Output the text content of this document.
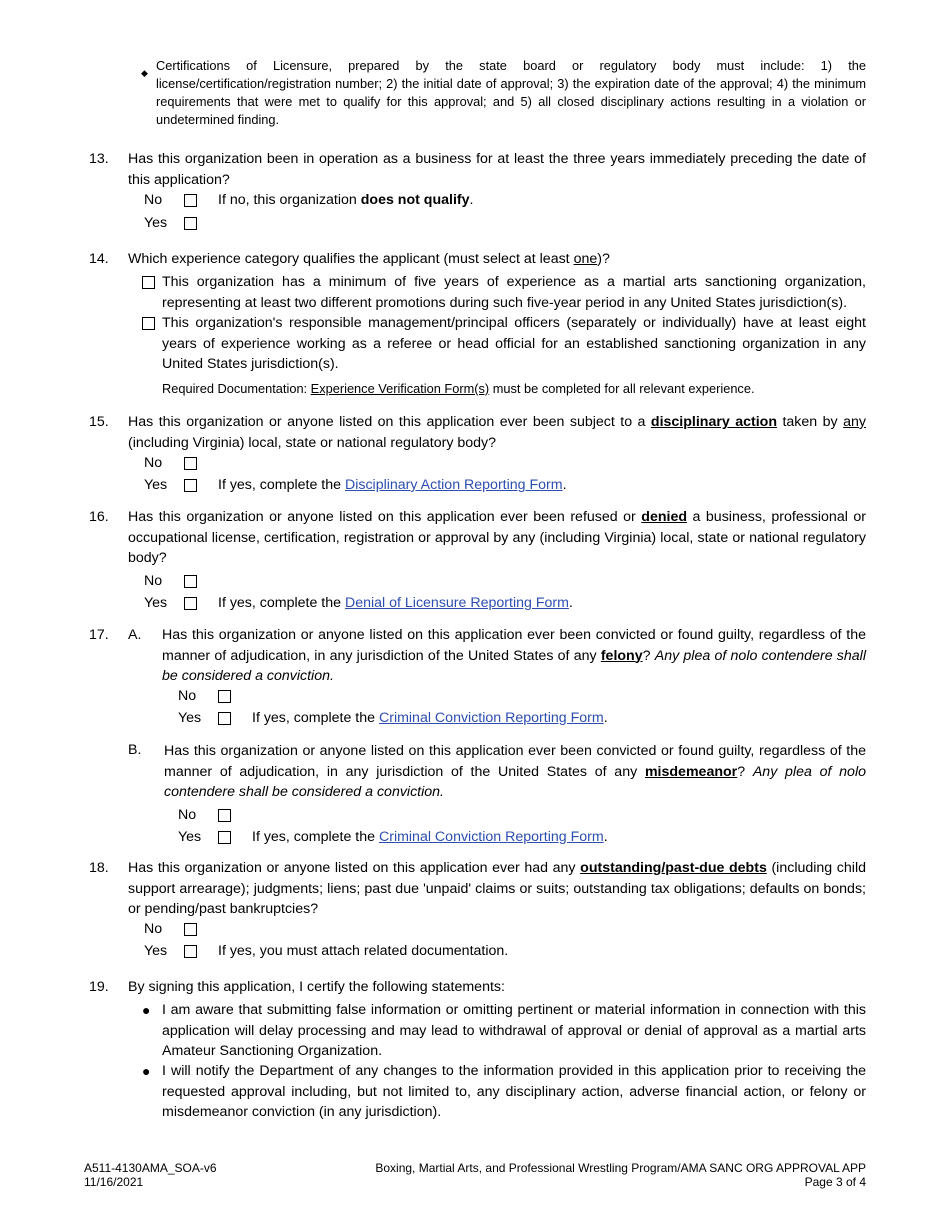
◆ Certifications of Licensure, prepared by the state board or regulatory body must include: 1) the license/certification/registration number; 2) the initial date of approval; 3) the expiration date of the approval; 4) the minimum requirements that were met to qualify for this approval; and 5) all closed disciplinary actions resulting in a violation or undetermined finding.
13. Has this organization been in operation as a business for at least the three years immediately preceding the date of this application?
No	If no, this organization does not qualify.
Yes
14. Which experience category qualifies the applicant (must select at least one)?
This organization has a minimum of five years of experience as a martial arts sanctioning organization, representing at least two different promotions during such five-year period in any United States jurisdiction(s).
This organization's responsible management/principal officers (separately or individually) have at least eight years of experience working as a referee or head official for an established sanctioning organization in any United States jurisdiction(s).
Required Documentation: Experience Verification Form(s) must be completed for all relevant experience.
15. Has this organization or anyone listed on this application ever been subject to a disciplinary action taken by any (including Virginia) local, state or national regulatory body?
No
Yes	If yes, complete the Disciplinary Action Reporting Form.
16. Has this organization or anyone listed on this application ever been refused or denied a business, professional or occupational license, certification, registration or approval by any (including Virginia) local, state or national regulatory body?
No
Yes	If yes, complete the Denial of Licensure Reporting Form.
17. A. Has this organization or anyone listed on this application ever been convicted or found guilty, regardless of the manner of adjudication, in any jurisdiction of the United States of any felony? Any plea of nolo contendere shall be considered a conviction.
No
Yes	If yes, complete the Criminal Conviction Reporting Form.
B. Has this organization or anyone listed on this application ever been convicted or found guilty, regardless of the manner of adjudication, in any jurisdiction of the United States of any misdemeanor? Any plea of nolo contendere shall be considered a conviction.
No
Yes	If yes, complete the Criminal Conviction Reporting Form.
18. Has this organization or anyone listed on this application ever had any outstanding/past-due debts (including child support arrearage); judgments; liens; past due 'unpaid' claims or suits; outstanding tax obligations; defaults on bonds; or pending/past bankruptcies?
No
Yes	If yes, you must attach related documentation.
19. By signing this application, I certify the following statements:
● I am aware that submitting false information or omitting pertinent or material information in connection with this application will delay processing and may lead to withdrawal of approval or denial of approval as a martial arts Amateur Sanctioning Organization.
● I will notify the Department of any changes to the information provided in this application prior to receiving the requested approval including, but not limited to, any disciplinary action, adverse financial action, or felony or misdemeanor conviction (in any jurisdiction).
A511-4130AMA_SOA-v6
11/16/2021
Boxing, Martial Arts, and Professional Wrestling Program/AMA SANC ORG APPROVAL APP
Page 3 of 4
